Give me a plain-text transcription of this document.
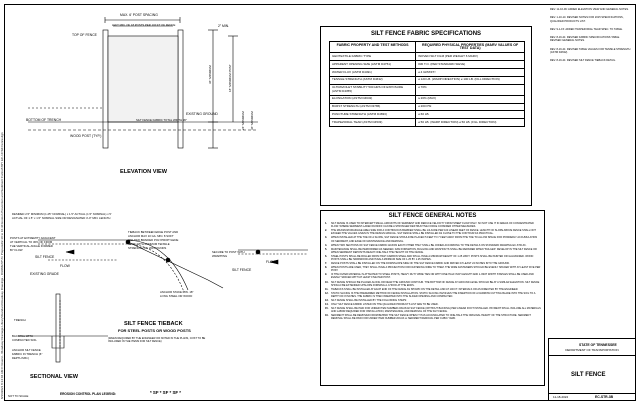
8/16/2021 8:14:04 AM C:\Users\...\Roadway Drainage Library\Standard Roadway Drawings - DURRENT\Tn Prepared\2.10 to 10.30 Erosion Prevention and Sediment Control\TRY EC-10 Silt Fence.dgn
MAX. 6' POST SPACING
LEFT MIN. OF 18 POSTS PER 100 FT OF FENCE
TOP OF FENCE
BOTTOM OF TRENCH
WOOD POST (TYP.)
EXISTING GROUND
SILT FENCE FABRIC TOTAL WIDTH 36"
2" MIN.
36" MINIMUM	18" MINIMUM POST
24" MINIMUM 36" MINIMUM
ELEVATION VIEW
DESIRED 2.5" MINIMUM (1.25" NOMINAL) x 1.5" ACTUAL (1.5" NOMINAL) x 5' ACTUAL OF 1.5" x 1.5" NOMINAL SIZE OR DESIGNATED 4'-0" MIN. LENGTH
POSTS AT EXTREMITY ADJACENT AT VERTICAL TO 30% OF FROM THE VERTICAL ANGLE FORMED BY FLOW
SILT FENCE
FLOW
EXISTING GRADE
TIEBACK BETWEEN EDGE POST AND ANCHOR MAX 10 GA. MIN. 8 SOFT WELDED BRAIDED POLYPROPYLENE ROPE WITH MINIMUM TENSILE STRENGTH OF 200 POUNDS
SECURE TO POST WITH WRAPPING
ANCHOR STAKE MIN. 18" LONG STEEL OR WOOD
SILT FENCE
FLOW
SILT FENCE TIEBACK
FOR STEEL POSTS OR WOOD POSTS
(WHEN REQUIRED BY THE ENGINEER OR NOTED IN THE PLANS, COST TO BE INCLUDED IN THE ITEMS FOR SILT FENCE)
TRENCH
BACKFILL WITH COMPACTED SOIL
ANCHOR SILT FENCE FABRIC IN TRENCH (6" DEPTH MIN.)
SECTIONAL VIEW
EROSION CONTROL PLAN LEGEND:	* SF * SF * SF *
NOT TO SCALE
SILT FENCE FABRIC SPECIFICATIONS
FABRIC PROPERTY AND TEST METHODS	REQUIRED PHYSICAL PROPERTIES (MARV VALUES OF TEST DATA)
GEOTEXTILE FABRIC TYPE	WOVEN SILT FILM (PER WEIGHT 6 MARV)
APPARENT OPENING SIZE (ASTM D4751)	#30 T.O. (PER STANDARD SIEVE)
WATER FLUX (ASTM D4491)	≥ 4 GPM/FT²
TENSILE STRENGTH (ASTM D4632)	≥ 120 LB. (WARP DIRECTION) ≥ 100 LB. (FILL DIRECTION)
ULTRAVIOLET STABILITY 500 HRS OF EXPOSURE (ASTM D4355)	≥ 70%
ELONGATION (ASTM D4632)	≤ 20% (MAX)
BURST STRENGTH (ASTM D3786)	≥ 200 PSI
PUNCTURE STRENGTH (ASTM D4833)	≥ 60 LB.
TRAPEZOIDAL TEAR (ASTM D4533)	≥ 50 LB. (WARP DIRECTION) ≥ 50 LB. (FILL DIRECTION)
SILT FENCE GENERAL NOTES
1. SILT FENCE IS USED TO INTERCEPT SMALL AMOUNTS OF SEDIMENT AND REDUCE VELOCITY FROM SHEET FLOW ONLY. SO NOT USE IT IN AREAS OF CONCENTRATED FLOW. WHERE SEDIMENT-LADEN RUNOFF CAN BE A STRONGER DESTRUCTIVE FORCE CONSIDER OTHER MEASURES.
2. THE MAXIMUM DRAINAGE AREA SIZE FOR A CONTINUOUS BARRIER SHALL BE 1/4 ACRE PER 100 LINEAR FEET OF FENCE. LENGTH OF SLOPE ABOVE FENCE SHALL NOT EXCEED THE VALUES GIVEN IN THE DESIGN MANUAL. SILT FENCE SHALL BE INSTALLED AS CLOSE TO THE CONTOUR AS PRACTICAL.
3. WHEN INSTALLED AT THE TOE OF A SLOPE, SILT FENCE SHOULD BE PLACED 5 FEET TO 7 FEET AWAY FROM THE TOE TO ALLOW SPACE FOR POWDERLY ACCUMULATION OF SEDIMENT, AND EASE OF MAINTENANCE AND REMOVAL.
4. WHEN TWO SECTIONS OF SILT FENCE FABRIC ADJOIN EACH OTHER THEY SHALL BE JOINED ACCORDING TO THE DETAILS ON STANDARD DRAWING EC-STR-3C.
5. MAINTENANCE SHALL BE PERFORMED AS NEEDED. DAM FORMATION, BULGING AND WASHOUTS SHALL BE REPAIRED WHEN "BULGES" DEVELOP IN THE SILT FENCE OR WHEN SEDIMENT DEPOSITS REACH ONE-HALF THE HEIGHT OF THE FENCE.
6. STEEL POSTS SHALL BE ROLLED FROM HIGH CARBON STEEL AND SHALL HAVE A MINIMUM WEIGHT OF 1.25 LB/FT. POSTS SHALL BE PAINTED OR GALVANIZED. WOOD POSTS SHALL BE HARDWOOD AND HAVE A MINIMUM SIZE OF 1.25 BY 1.25 INCHES.
7. FENCE POSTS SHALL BE INSTALLED ON THE DOWNSLOPE SIDE OF THE SILT FENCE FABRIC AND DRIVEN AT LEAST 24 INCHES INTO THE GROUND.
8. WHEN POSTS ARE USED, THEY SHALL HAVE A PROJECTION FOR FASTENING WIRE TO THEM. THE WIRE FASTENERS SHOULD BE EVENLY SPACED WITH AT LEAST FIVE PER POST.
9. IF THE FILTER MATERIAL IS ATTACHED TO STEEL POSTS, HEAVY DUTY WIRE TIES OR WITH ONE HALF INCH LENGTH AND 1-INCH WIDTH STAPLES SHALL BE USED AND EVENLY SPACED WITH AT LEAST FIVE PER POST.
10. SILT FENCE SHOULD BE PLACED ALONG OR NEAR THE GROUND CONTOUR. THE BOTTOM OF FENCE AT GROUND LEVEL SHOULD BE AT A SIMILAR ELEVATION. SILT FENCE SHOULD BE EXTENDED UPSLOPE FORMING A J-HOOK AT THE ENDS.
11. TIEBACKS SHALL BE INSTALLED AT EACH END OF THE FENCE AS SHOWN ON THE DETAIL AND AT 100 FT. INTERVALS OR AS DIRECTED BY THE ENGINEER.
12. STATIC SLICING IS THE PREFERRED METHOD OF FENCE INSTALLATION. STATIC SLICING INVOLVES THE INSERTION OF A NARROW CUTTING BLADE INTO THE SOIL TO A DEPTH OF 8 INCHES. THE FABRIC IS THEN INSERTED INTO THE SLICED OPENING AND COMPACTED.
13. SILT FENCE SHALL BE INSTALLED BY THE FOLLOWING STEPS:
14. ONLY SILT FENCE FABRIC LISTED ON THE QUALIFIED PRODUCTS LIST ARE TO BE USED.
15. SILT FENCE SHALL BE PAID FOR UNDER ITEM NUMBER 209-08.02 SILT FENCE (WITHOUT BACKING) PER LINEAR FOOT INSTALLED. PAYMENT SHALL INCLUDE ALL MATERIALS AND LABOR REQUIRED FOR INSTALLATION, MAINTENANCE, AND REMOVAL OF THE SILT FENCE.
16. SEDIMENT SHALL BE REMOVED FROM BEHIND THE SILT FENCE WHEN IT HAS ACCUMULATED TO ONE-HALF THE ORIGINAL HEIGHT OF THE STRUCTURE. SEDIMENT REMOVAL SHALL BE PAID FOR UNDER ITEM NUMBER 209-03.xx SEDIMENT REMOVAL PER CUBIC YARD.
REV. 11-16-09: ADDED ELEVATION VIEW AND GENERAL NOTES.
REV. 1-10-14: REVISED NOTES FOR 2015 SPECIFICATIONS, QUALIFIED PRODUCTS LIST.
REV. 9-1-15: ADDED TRAPEZOIDAL TEAR SPEC. TO TABLE.
REV. 8-16-21: REVISED FABRIC SPECIFICATIONS TABLE. REVISED GENERAL NOTES.
REV. 8-16-21: REVISED TABLE VALUES FOR TENSILE STRENGTH (ASTM D4632).
REV. 8-16-21: REVISED SILT FENCE TIEBACK DETAIL.
STATE OF TENNESSEE
DEPARTMENT OF TRANSPORTATION
SILT FENCE
11-18-2022	EC-STR-3B
